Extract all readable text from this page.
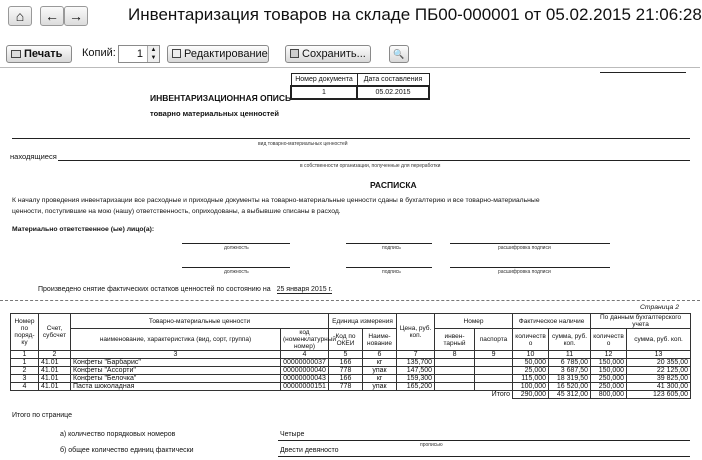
⌂	← →	Инвентаризация товаров на складе ПБ00-000001 от 05.02.2015 21:06:28
Печать	Копий: 1	▲
▼	Редактирование	Сохранить...	🔍
ИНВЕНТАРИЗАЦИОННАЯ ОПИСЬ
товарно материальных ценностей
Номер документа	Дата составления
1	05.02.2015
вид товарно-материальных ценностей
находящиеся
в собственности организации, полученные для переработки
РАСПИСКА
К началу проведения инвентаризации все расходные и приходные документы на товарно-материальные ценности сданы в бухгалтерию и все товарно-материальные
ценности, поступившие на мою (нашу) ответственность, оприходованы, а выбывшие списаны в расход.
Материально ответственное (ые) лицо(а):
должность	подпись	расшифровка подписи
должность	подпись	расшифровка подписи
Произведено снятие фактических остатков ценностей по состоянию на 25 января 2015 г.
Страница 2
Номер по поряд-ку	Счет, субсчет	Товарно-материальные ценности		Единица измерения		Цена, руб. коп.	Номер		Фактическое наличие		По данным бухгалтерского учета	
		наименование, характеристика (вид, сорт, группа)	код (номенклатурный номер)	Код по ОКЕИ	Наиме-нование		инвен-тарный	паспорта	количеств о	сумма, руб. коп.	количеств о	сумма, руб. коп.
1	2	3	4	5	6	7	8	9	10	11	12	13
1	41.01	Конфеты "Барбарис"	00000000037	166	кг	135,700			50,000	6 785,00	150,000	20 355,00
2	41.01	Конфеты "Ассорти"	00000000040	778	упак	147,500			25,000	3 687,50	150,000	22 125,00
3	41.01	Конфеты "Белочка"	00000000043	166	кг	159,300			115,000	18 319,50	250,000	39 825,00
4	41.01	Паста шоколадная	00000000151	778	упак	165,200			100,000	16 520,00	250,000	41 300,00
Итого									290,000	45 312,00	800,000	123 605,00
Итого по странице
а) количество порядковых номеров	Четыре
прописью
б) общее количество единиц фактически	Двести девяносто
